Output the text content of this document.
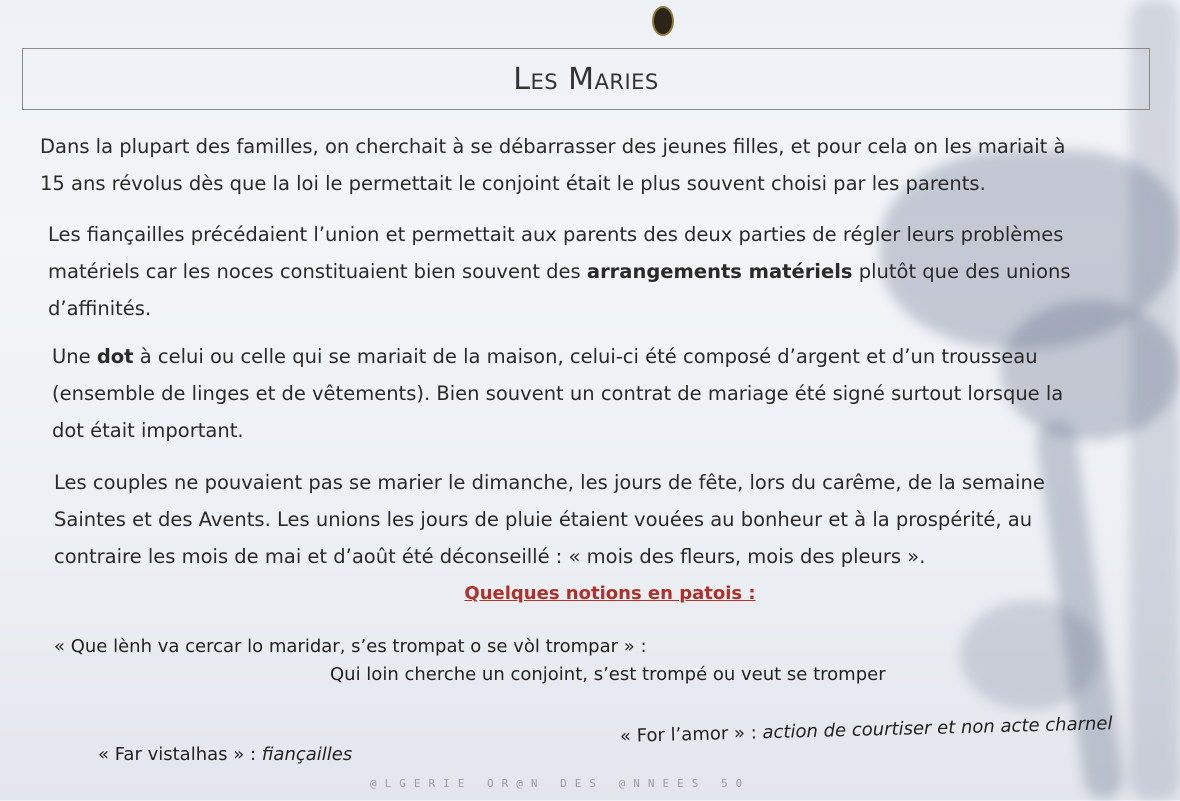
Les Maries

Dans la plupart des familles, on cherchait à se débarrasser des jeunes filles, et pour cela on les mariait à
15 ans révolus dès que la loi le permettait le conjoint était le plus souvent choisi par les parents.

Les fiançailles précédaient l’union et permettait aux parents des deux parties de régler leurs problèmes
matériels car les noces constituaient bien souvent des arrangements matériels plutôt que des unions
d’affinités.

Une dot à celui ou celle qui se mariait de la maison, celui-ci été composé d’argent et d’un trousseau
(ensemble de linges et de vêtements). Bien souvent un contrat de mariage été signé surtout lorsque la
dot était important.

Les couples ne pouvaient pas se marier le dimanche, les jours de fête, lors du carême, de la semaine
Saintes et des Avents. Les unions les jours de pluie étaient vouées au bonheur et à la prospérité, au
contraire les mois de mai et d’août été déconseillé : « mois des fleurs, mois des pleurs ».

Quelques notions en patois :
« Que lènh va cercar lo maridar, s’es trompat o se vòl trompar » :
Qui loin cherche un conjoint, s’est trompé ou veut se tromper
« Far vistalhas » : fiançailles
« For l’amor » : action de courtiser et non acte charnel
@LGERIE OR@N DES @NNEES 50
